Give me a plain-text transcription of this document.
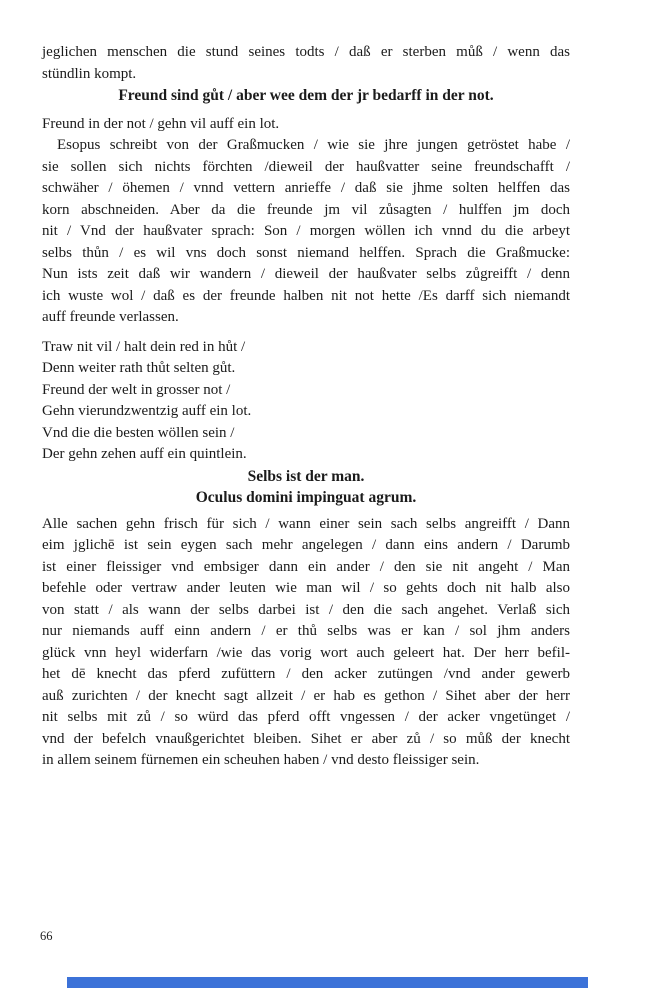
jeglichen menschen die stund seines todts / daß er sterben můß / wenn das
stündlin kompt.
Freund sind gůt / aber wee dem der jr bedarff in der not.
Freund in der not / gehn vil auff ein lot.
Esopus schreibt von der Graßmucken / wie sie jhre jungen getröstet habe /
sie sollen sich nichts förchten /dieweil der haußvatter seine freundschafft /
schwäher / öhemen / vnnd vettern anrieffe / daß sie jhme solten helffen das
korn abschneiden. Aber da die freunde jm vil zůsagten / hulffen jm doch
nit / Vnd der haußvater sprach: Son / morgen wöllen ich vnnd du die arbeyt
selbs thůn / es wil vns doch sonst niemand helffen. Sprach die Graßmucke:
Nun ists zeit daß wir wandern / dieweil der haußvater selbs zůgreifft / denn
ich wuste wol / daß es der freunde halben nit not hette /Es darff sich niemandt
auff freunde verlassen.
Traw nit vil / halt dein red in hůt /
Denn weiter rath thůt selten gůt.
Freund der welt in grosser not /
Gehn vierundzwentzig auff ein lot.
Vnd die die besten wöllen sein /
Der gehn zehen auff ein quintlein.
Selbs ist der man.
Oculus domini impinguat agrum.
Alle sachen gehn frisch für sich / wann einer sein sach selbs angreifft / Dann
eim jglichē ist sein eygen sach mehr angelegen / dann eins andern / Darumb
ist einer fleissiger vnd embsiger dann ein ander / den sie nit angeht / Man
befehle oder vertraw ander leuten wie man wil / so gehts doch nit halb also
von statt / als wann der selbs darbei ist / den die sach angehet. Verlaß sich
nur niemands auff einn andern / er thů selbs was er kan / sol jhm anders
glück vnn heyl widerfarn /wie das vorig wort auch geleert hat. Der herr befil-
het dē knecht das pferd zufüttern / den acker zutüngen /vnd ander gewerb
auß zurichten / der knecht sagt allzeit / er hab es gethon / Sihet aber der herr
nit selbs mit zů / so würd das pferd offt vngessen / der acker vngetünget /
vnd der befelch vnaußgerichtet bleiben. Sihet er aber zů / so můß der knecht
in allem seinem fürnemen ein scheuhen haben / vnd desto fleissiger sein.
66
